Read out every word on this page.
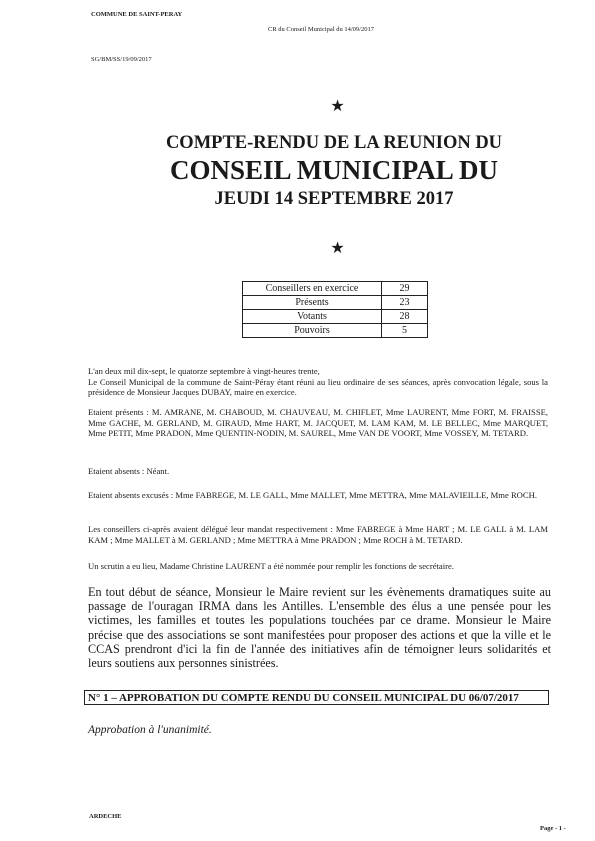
COMMUNE DE SAINT-PERAY
CR du Conseil Municipal du 14/09/2017
SG/BM/SS/19/09/2017
★
COMPTE-RENDU DE LA REUNION DU
CONSEIL MUNICIPAL DU
JEUDI 14 SEPTEMBRE 2017
★
Conseillers en exercice	29
Présents	23
Votants	28
Pouvoirs	5
L'an deux mil dix-sept, le quatorze septembre à vingt-heures trente,
Le Conseil Municipal de la commune de Saint-Péray étant réuni au lieu ordinaire de ses séances, après convocation légale, sous la présidence de Monsieur Jacques DUBAY, maire en exercice.
Etaient présents : M. AMRANE, M. CHABOUD, M. CHAUVEAU, M. CHIFLET, Mme LAURENT, Mme FORT, M. FRAISSE, Mme GACHE, M. GERLAND, M. GIRAUD, Mme HART, M. JACQUET, M. LAM KAM, M. LE BELLEC, Mme MARQUET, Mme PETIT, Mme PRADON, Mme QUENTIN-NODIN, M. SAUREL, Mme VAN DE VOORT, Mme VOSSEY, M. TETARD.
Etaient absents : Néant.
Etaient absents excusés : Mme FABREGE, M. LE GALL, Mme MALLET, Mme METTRA, Mme MALAVIEILLE, Mme ROCH.
Les conseillers ci-après avaient délégué leur mandat respectivement : Mme FABREGE à Mme HART ; M. LE GALL à M. LAM KAM ; Mme MALLET à M. GERLAND ; Mme METTRA à Mme PRADON ; Mme ROCH à M. TETARD.
Un scrutin a eu lieu, Madame Christine LAURENT a été nommée pour remplir les fonctions de secrétaire.
En tout début de séance, Monsieur le Maire revient sur les évènements dramatiques suite au passage de l'ouragan IRMA dans les Antilles. L'ensemble des élus a une pensée pour les victimes, les familles et toutes les populations touchées par ce drame. Monsieur le Maire précise que des associations se sont manifestées pour proposer des actions et que la ville et le CCAS prendront d'ici la fin de l'année des initiatives afin de témoigner leurs solidarités et leurs soutiens aux personnes sinistrées.
N° 1 – APPROBATION DU COMPTE RENDU DU CONSEIL MUNICIPAL DU 06/07/2017
Approbation à l'unanimité.
ARDECHE
Page - 1 -
